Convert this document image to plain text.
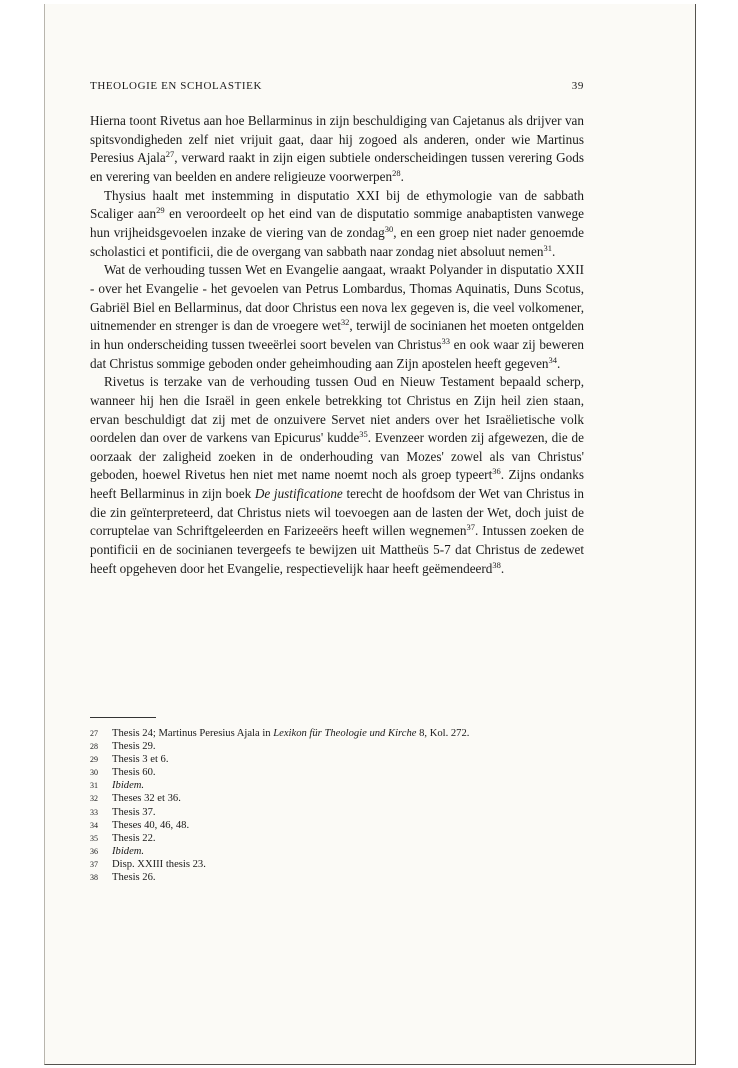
THEOLOGIE EN SCHOLASTIEK	39

Hierna toont Rivetus aan hoe Bellarminus in zijn beschuldiging van Cajetanus als drijver van spitsvondigheden zelf niet vrijuit gaat, daar hij zogoed als anderen, onder wie Martinus Peresius Ajala$^{27}$, verward raakt in zijn eigen subtiele onderscheidingen tussen verering Gods en verering van beelden en andere religieuze voorwerpen$^{28}$.

Thysius haalt met instemming in disputatio XXI bij de ethymologie van de sabbath Scaliger aan$^{29}$ en veroordeelt op het eind van de disputatio sommige anabaptisten vanwege hun vrijheidsgevoelen inzake de viering van de zondag$^{30}$, en een groep niet nader genoemde scholastici et pontificii, die de overgang van sabbath naar zondag niet absoluut nemen$^{31}$.

Wat de verhouding tussen Wet en Evangelie aangaat, wraakt Polyander in disputatio XXII - over het Evangelie - het gevoelen van Petrus Lombardus, Thomas Aquinatis, Duns Scotus, Gabriël Biel en Bellarminus, dat door Christus een nova lex gegeven is, die veel volkomener, uitnemender en strenger is dan de vroegere wet$^{32}$, terwijl de socinianen het moeten ontgelden in hun onderscheiding tussen tweeërlei soort bevelen van Christus$^{33}$ en ook waar zij beweren dat Christus sommige geboden onder geheimhouding aan Zijn apostelen heeft gegeven$^{34}$.

Rivetus is terzake van de verhouding tussen Oud en Nieuw Testament bepaald scherp, wanneer hij hen die Israël in geen enkele betrekking tot Christus en Zijn heil zien staan, ervan beschuldigt dat zij met de onzuivere Servet niet anders over het Israëlietische volk oordelen dan over de varkens van Epicurus' kudde$^{35}$. Evenzeer worden zij afgewezen, die de oorzaak der zaligheid zoeken in de onderhouding van Mozes' zowel als van Christus' geboden, hoewel Rivetus hen niet met name noemt noch als groep typeert$^{36}$. Zijns ondanks heeft Bellarminus in zijn boek De justificatione terecht de hoofdsom der Wet van Christus in die zin geïnterpreteerd, dat Christus niets wil toevoegen aan de lasten der Wet, doch juist de corruptelae van Schriftgeleerden en Farizeeërs heeft willen wegnemen$^{37}$. Intussen zoeken de pontificii en de socinianen tevergeefs te bewijzen uit Mattheüs 5-7 dat Christus de zedewet heeft opgeheven door het Evangelie, respectievelijk haar heeft geëmendeerd$^{38}$.

27	Thesis 24; Martinus Peresius Ajala in Lexikon für Theologie und Kirche 8, Kol. 272.
28	Thesis 29.
29	Thesis 3 et 6.
30	Thesis 60.
31	Ibidem.
32	Theses 32 et 36.
33	Thesis 37.
34	Theses 40, 46, 48.
35	Thesis 22.
36	Ibidem.
37	Disp. XXIII thesis 23.
38	Thesis 26.
